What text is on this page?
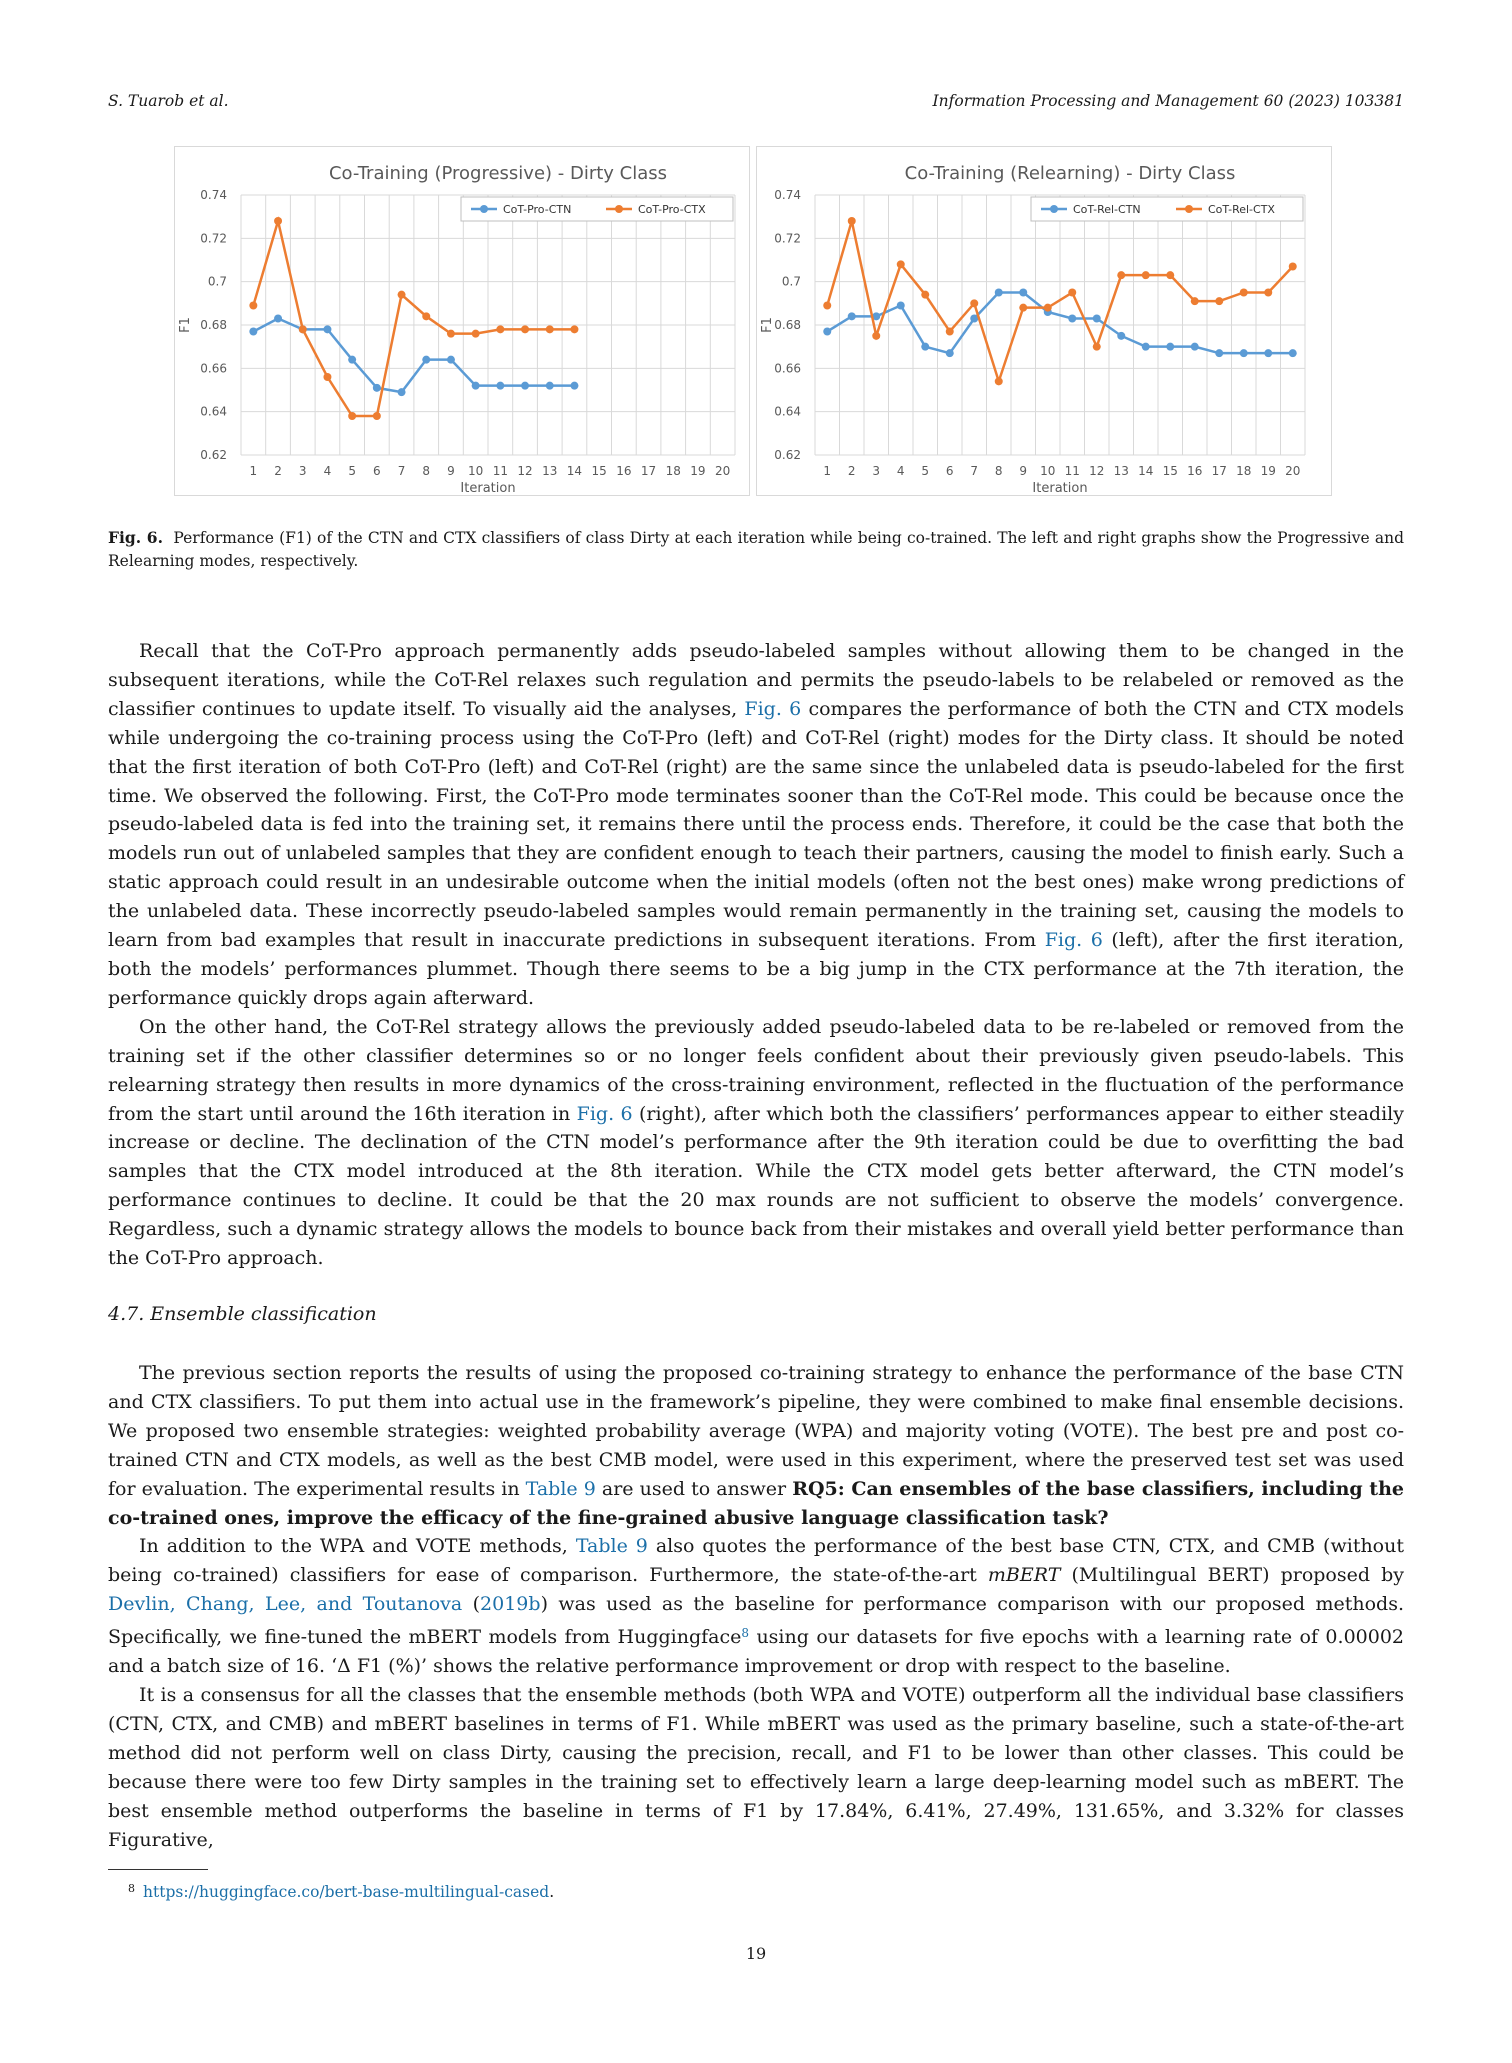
S. Tuarob et al.	Information Processing and Management 60 (2023) 103381
Co-Training (Progressive) - Dirty Class
0.62
0.64
0.66
0.68
0.7
0.72
0.74
1 2 3 4 5 6 7 8 9 10 11 12 13 14 15 16 17 18 19 20
Iteration
F1
CoT-Pro-CTN	CoT-Pro-CTX
Co-Training (Relearning) - Dirty Class
0.62
0.64
0.66
0.68
0.7
0.72
0.74
1 2 3 4 5 6 7 8 9 10 11 12 13 14 15 16 17 18 19 20
Iteration
F1
CoT-Rel-CTN	CoT-Rel-CTX
Fig. 6. Performance (F1) of the CTN and CTX classifiers of class Dirty at each iteration while being co-trained. The left and right graphs show the Progressive and Relearning modes, respectively.

Recall that the CoT-Pro approach permanently adds pseudo-labeled samples without allowing them to be changed in the subsequent iterations, while the CoT-Rel relaxes such regulation and permits the pseudo-labels to be relabeled or removed as the classifier continues to update itself. To visually aid the analyses, Fig. 6 compares the performance of both the CTN and CTX models while undergoing the co-training process using the CoT-Pro (left) and CoT-Rel (right) modes for the Dirty class. It should be noted that the first iteration of both CoT-Pro (left) and CoT-Rel (right) are the same since the unlabeled data is pseudo-labeled for the first time. We observed the following. First, the CoT-Pro mode terminates sooner than the CoT-Rel mode. This could be because once the pseudo-labeled data is fed into the training set, it remains there until the process ends. Therefore, it could be the case that both the models run out of unlabeled samples that they are confident enough to teach their partners, causing the model to finish early. Such a static approach could result in an undesirable outcome when the initial models (often not the best ones) make wrong predictions of the unlabeled data. These incorrectly pseudo-labeled samples would remain permanently in the training set, causing the models to learn from bad examples that result in inaccurate predictions in subsequent iterations. From Fig. 6 (left), after the first iteration, both the models’ performances plummet. Though there seems to be a big jump in the CTX performance at the 7th iteration, the performance quickly drops again afterward.

On the other hand, the CoT-Rel strategy allows the previously added pseudo-labeled data to be re-labeled or removed from the training set if the other classifier determines so or no longer feels confident about their previously given pseudo-labels. This relearning strategy then results in more dynamics of the cross-training environment, reflected in the fluctuation of the performance from the start until around the 16th iteration in Fig. 6 (right), after which both the classifiers’ performances appear to either steadily increase or decline. The declination of the CTN model’s performance after the 9th iteration could be due to overfitting the bad samples that the CTX model introduced at the 8th iteration. While the CTX model gets better afterward, the CTN model’s performance continues to decline. It could be that the 20 max rounds are not sufficient to observe the models’ convergence. Regardless, such a dynamic strategy allows the models to bounce back from their mistakes and overall yield better performance than the CoT-Pro approach.

4.7. Ensemble classification

The previous section reports the results of using the proposed co-training strategy to enhance the performance of the base CTN and CTX classifiers. To put them into actual use in the framework’s pipeline, they were combined to make final ensemble decisions. We proposed two ensemble strategies: weighted probability average (WPA) and majority voting (VOTE). The best pre and post co-trained CTN and CTX models, as well as the best CMB model, were used in this experiment, where the preserved test set was used for evaluation. The experimental results in Table 9 are used to answer RQ5: Can ensembles of the base classifiers, including the co-trained ones, improve the efficacy of the fine-grained abusive language classification task?

In addition to the WPA and VOTE methods, Table 9 also quotes the performance of the best base CTN, CTX, and CMB (without being co-trained) classifiers for ease of comparison. Furthermore, the state-of-the-art mBERT (Multilingual BERT) proposed by Devlin, Chang, Lee, and Toutanova (2019b) was used as the baseline for performance comparison with our proposed methods. Specifically, we fine-tuned the mBERT models from Huggingface$^8$ using our datasets for five epochs with a learning rate of 0.00002 and a batch size of 16. ‘Δ F1 (%)’ shows the relative performance improvement or drop with respect to the baseline.

It is a consensus for all the classes that the ensemble methods (both WPA and VOTE) outperform all the individual base classifiers (CTN, CTX, and CMB) and mBERT baselines in terms of F1. While mBERT was used as the primary baseline, such a state-of-the-art method did not perform well on class Dirty, causing the precision, recall, and F1 to be lower than other classes. This could be because there were too few Dirty samples in the training set to effectively learn a large deep-learning model such as mBERT. The best ensemble method outperforms the baseline in terms of F1 by 17.84%, 6.41%, 27.49%, 131.65%, and 3.32% for classes Figurative,

$^8$ https://huggingface.co/bert-base-multilingual-cased.
19
